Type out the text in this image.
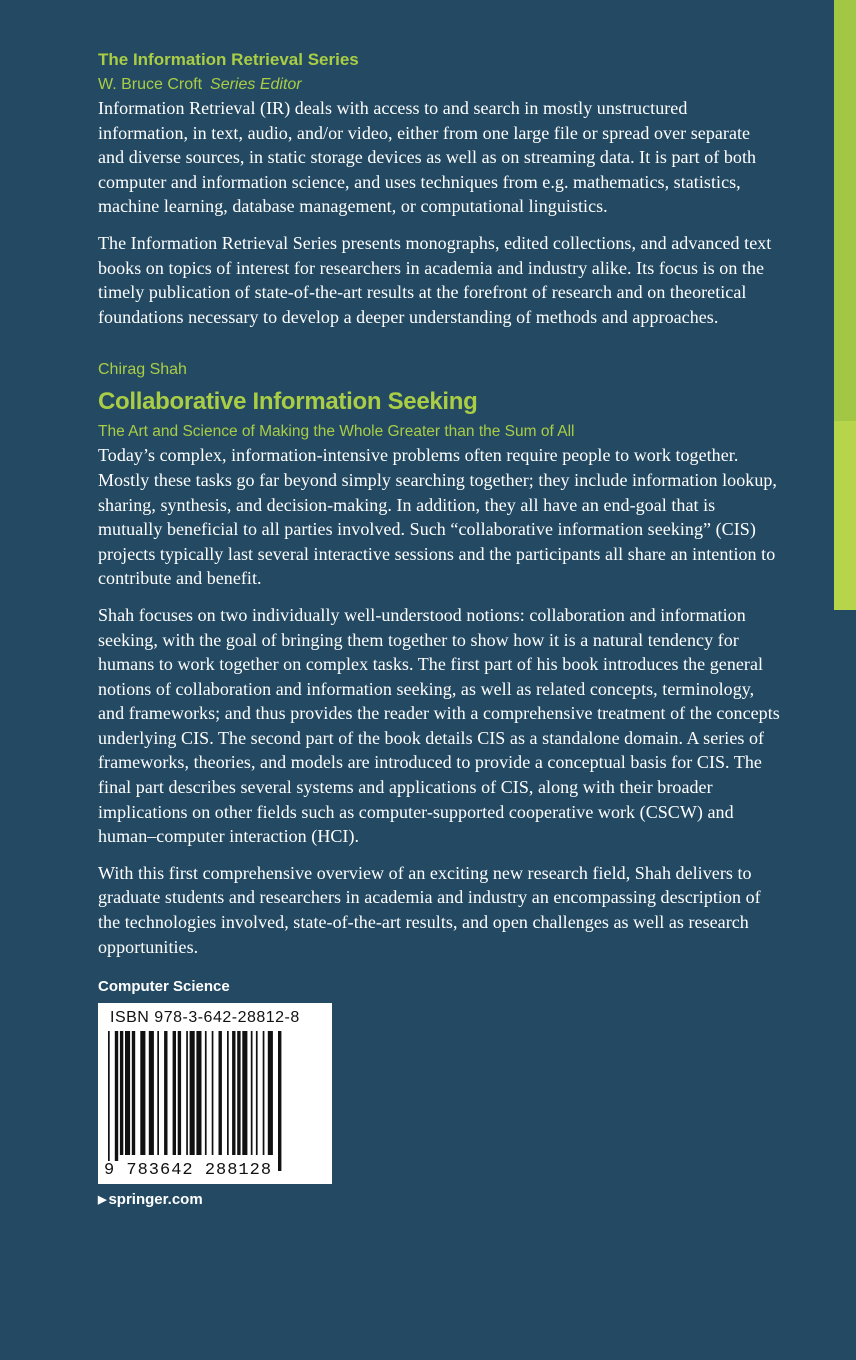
The Information Retrieval Series
W. Bruce Croft Series Editor

Information Retrieval (IR) deals with access to and search in mostly unstructured information, in text, audio, and/or video, either from one large file or spread over separate and diverse sources, in static storage devices as well as on streaming data. It is part of both computer and information science, and uses techniques from e.g. mathematics, statistics, machine learning, database management, or computational linguistics.

The Information Retrieval Series presents monographs, edited collections, and advanced text books on topics of interest for researchers in academia and industry alike. Its focus is on the timely publication of state-of-the-art results at the forefront of research and on theoretical foundations necessary to develop a deeper understanding of methods and approaches.

Chirag Shah
Collaborative Information Seeking
The Art and Science of Making the Whole Greater than the Sum of All

Today’s complex, information-intensive problems often require people to work together. Mostly these tasks go far beyond simply searching together; they include information lookup, sharing, synthesis, and decision-making. In addition, they all have an end-goal that is mutually beneficial to all parties involved. Such “collaborative information seeking” (CIS) projects typically last several interactive sessions and the participants all share an intention to contribute and benefit.

Shah focuses on two individually well-understood notions: collaboration and information seeking, with the goal of bringing them together to show how it is a natural tendency for humans to work together on complex tasks. The first part of his book introduces the general notions of collaboration and information seeking, as well as related concepts, terminology, and frameworks; and thus provides the reader with a comprehensive treatment of the concepts underlying CIS. The second part of the book details CIS as a standalone domain. A series of frameworks, theories, and models are introduced to provide a conceptual basis for CIS. The final part describes several systems and applications of CIS, along with their broader implications on other fields such as computer-supported cooperative work (CSCW) and human–computer interaction (HCI).

With this first comprehensive overview of an exciting new research field, Shah delivers to graduate students and researchers in academia and industry an encompassing description of the technologies involved, state-of-the-art results, and open challenges as well as research opportunities.

Computer Science
ISBN 978-3-642-28812-8
9 783642 288128
▶ springer.com
